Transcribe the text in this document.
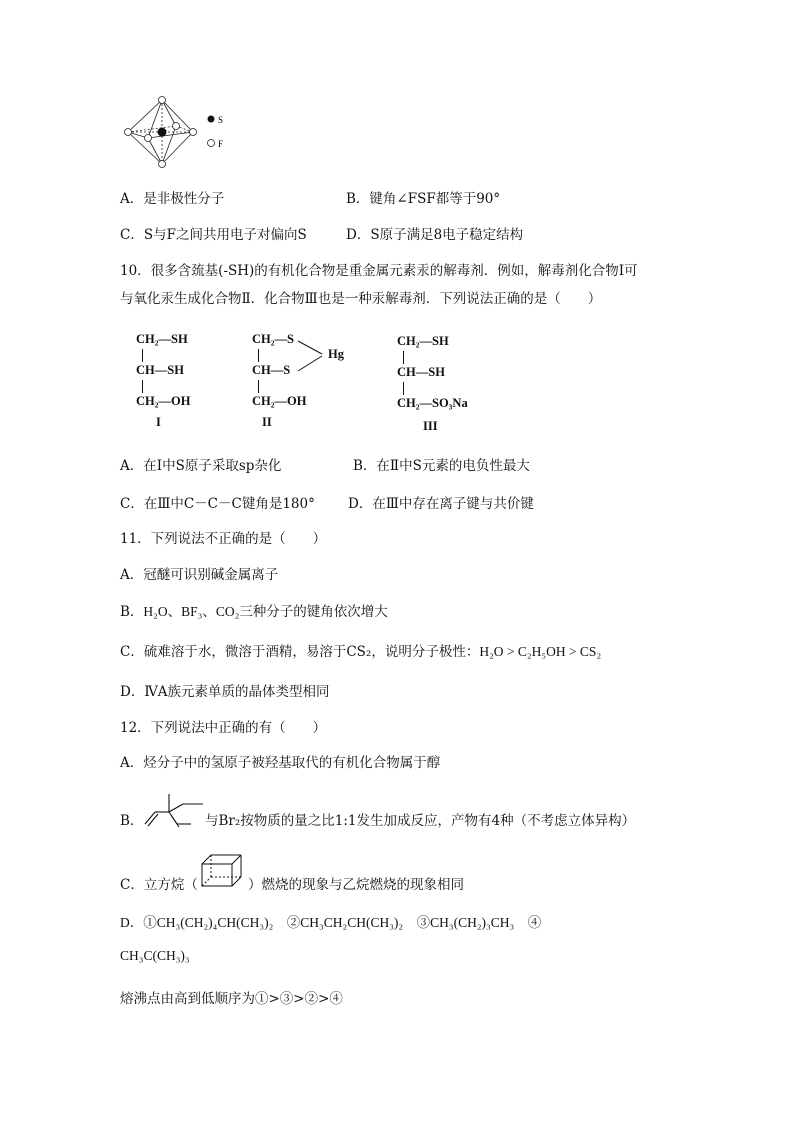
S
F
A．是非极性分子	B．键角∠FSF都等于90°
C．S与F之间共用电子对偏向S	D．S原子满足8电子稳定结构
10．很多含巯基(-SH)的有机化合物是重金属元素汞的解毒剂．例如，解毒剂化合物Ⅰ可
与氧化汞生成化合物Ⅱ．化合物Ⅲ也是一种汞解毒剂．下列说法正确的是（　　）
CH₂—SH
CH—SH
CH₂—OH
I
CH₂—S
CH—S
CH₂—OH
Hg
II
CH₂—SH
CH—SH
CH₂—SO₃Na
III
A．在Ⅰ中S原子采取sp杂化	B．在Ⅱ中S元素的电负性最大
C．在Ⅲ中C－C－C键角是180° D．在Ⅲ中存在离子键与共价键
11．下列说法不正确的是（　　）
A．冠醚可识别碱金属离子
B．H₂O、BF₃、CO₂三种分子的键角依次增大
C．硫难溶于水，微溶于酒精，易溶于CS₂，说明分子极性：H₂O > C₂H₅OH > CS₂
D．ⅣA族元素单质的晶体类型相同
12．下列说法中正确的有（　　）
A．烃分子中的氢原子被羟基取代的有机化合物属于醇
B．	与Br₂按物质的量之比1:1发生加成反应，产物有4种（不考虑立体异构）
C．立方烷（	）燃烧的现象与乙烷燃烧的现象相同
D．①CH₃(CH₂)₄CH(CH₃)₂　②CH₃CH₂CH(CH₃)₂　③CH₃(CH₂)₃CH₃　④
CH₃C(CH₃)₃
熔沸点由高到低顺序为①>③>②>④
